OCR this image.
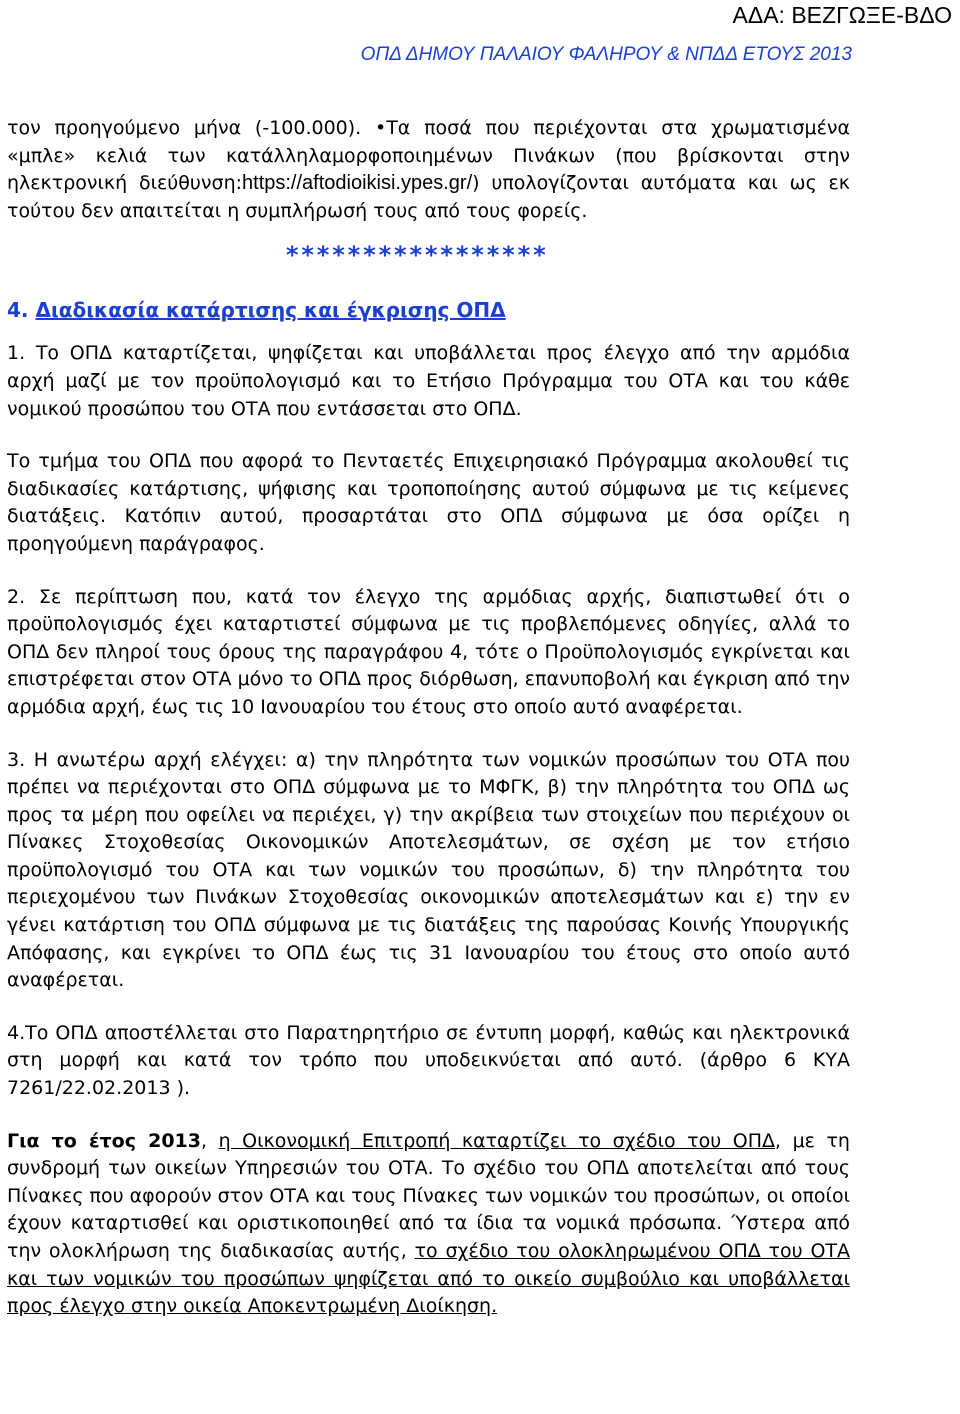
ΑΔΑ: ΒΕΖΓΩΞΕ-ΒΔΟ
ΟΠΔ ΔΗΜΟΥ ΠΑΛΑΙΟΥ ΦΑΛΗΡΟΥ & ΝΠΔΔ ΕΤΟΥΣ 2013

τον προηγούμενο μήνα (-100.000). •Τα ποσά που περιέχονται στα χρωματισμένα «μπλε» κελιά των κατάλληλαμορφοποιημένων Πινάκων (που βρίσκονται στην ηλεκτρονική διεύθυνση:https://aftodioikisi.ypes.gr/) υπολογίζονται αυτόματα και ως εκ τούτου δεν απαιτείται η συμπλήρωσή τους από τους φορείς.

*****************
4. Διαδικασία κατάρτισης και έγκρισης ΟΠΔ

1. Το ΟΠΔ καταρτίζεται, ψηφίζεται και υποβάλλεται προς έλεγχο από την αρμόδια αρχή μαζί με τον προϋπολογισμό και το Ετήσιο Πρόγραμμα του ΟΤΑ και του κάθε νομικού προσώπου του ΟΤΑ που εντάσσεται στο ΟΠΔ.

Το τμήμα του ΟΠΔ που αφορά το Πενταετές Επιχειρησιακό Πρόγραμμα ακολουθεί τις διαδικασίες κατάρτισης, ψήφισης και τροποποίησης αυτού σύμφωνα με τις κείμενες διατάξεις. Κατόπιν αυτού, προσαρτάται στο ΟΠΔ σύμφωνα με όσα ορίζει η προηγούμενη παράγραφος.

2. Σε περίπτωση που, κατά τον έλεγχο της αρμόδιας αρχής, διαπιστωθεί ότι ο προϋπολογισμός έχει καταρτιστεί σύμφωνα με τις προβλεπόμενες οδηγίες, αλλά το ΟΠΔ δεν πληροί τους όρους της παραγράφου 4, τότε ο Προϋπολογισμός εγκρίνεται και επιστρέφεται στον ΟΤΑ μόνο το ΟΠΔ προς διόρθωση, επανυποβολή και έγκριση από την αρμόδια αρχή, έως τις 10 Ιανουαρίου του έτους στο οποίο αυτό αναφέρεται.

3. Η ανωτέρω αρχή ελέγχει: α) την πληρότητα των νομικών προσώπων του ΟΤΑ που πρέπει να περιέχονται στο ΟΠΔ σύμφωνα με το ΜΦΓΚ, β) την πληρότητα του ΟΠΔ ως προς τα μέρη που οφείλει να περιέχει, γ) την ακρίβεια των στοιχείων που περιέχουν οι Πίνακες Στοχοθεσίας Οικονομικών Αποτελεσμάτων, σε σχέση με τον ετήσιο προϋπολογισμό του ΟΤΑ και των νομικών του προσώπων, δ) την πληρότητα του περιεχομένου των Πινάκων Στοχοθεσίας οικονομικών αποτελεσμάτων και ε) την εν γένει κατάρτιση του ΟΠΔ σύμφωνα με τις διατάξεις της παρούσας Κοινής Υπουργικής Απόφασης, και εγκρίνει το ΟΠΔ έως τις 31 Ιανουαρίου του έτους στο οποίο αυτό αναφέρεται.

4.Το ΟΠΔ αποστέλλεται στο Παρατηρητήριο σε έντυπη μορφή, καθώς και ηλεκτρονικά στη μορφή και κατά τον τρόπο που υποδεικνύεται από αυτό. (άρθρο 6 ΚΥΑ 7261/22.02.2013 ).

Για το έτος 2013, η Οικονομική Επιτροπή καταρτίζει το σχέδιο του ΟΠΔ, με τη συνδρομή των οικείων Υπηρεσιών του ΟΤΑ. Το σχέδιο του ΟΠΔ αποτελείται από τους Πίνακες που αφορούν στον ΟΤΑ και τους Πίνακες των νομικών του προσώπων, οι οποίοι έχουν καταρτισθεί και οριστικοποιηθεί από τα ίδια τα νομικά πρόσωπα. Ύστερα από την ολοκλήρωση της διαδικασίας αυτής, το σχέδιο του ολοκληρωμένου ΟΠΔ του ΟΤΑ και των νομικών του προσώπων ψηφίζεται από το οικείο συμβούλιο και υποβάλλεται προς έλεγχο στην οικεία Αποκεντρωμένη Διοίκηση.
